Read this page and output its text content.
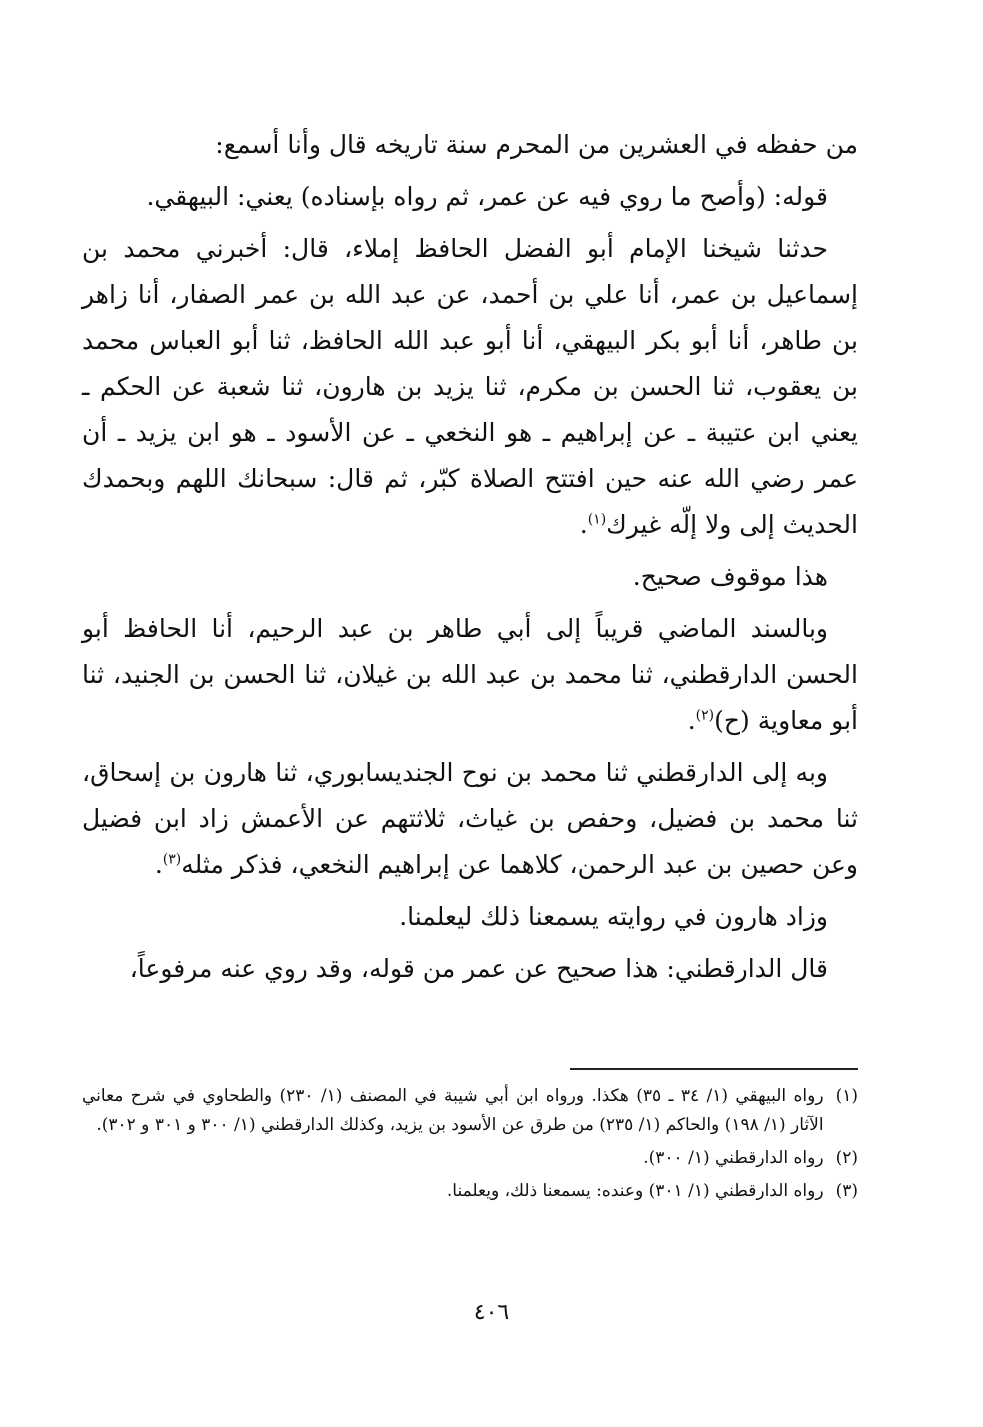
من حفظه في العشرين من المحرم سنة تاريخه قال وأنا أسمع:

قوله: (وأصح ما روي فيه عن عمر، ثم رواه بإسناده) يعني: البيهقي.

حدثنا شيخنا الإمام أبو الفضل الحافظ إملاء، قال: أخبرني محمد بن إسماعيل بن عمر، أنا علي بن أحمد، عن عبد الله بن عمر الصفار، أنا زاهر بن طاهر، أنا أبو بكر البيهقي، أنا أبو عبد الله الحافظ، ثنا أبو العباس محمد بن يعقوب، ثنا الحسن بن مكرم، ثنا يزيد بن هارون، ثنا شعبة عن الحكم ـ يعني ابن عتيبة ـ عن إبراهيم ـ هو النخعي ـ عن الأسود ـ هو ابن يزيد ـ أن عمر رضي الله عنه حين افتتح الصلاة كبّر، ثم قال: سبحانك اللهم وبحمدك الحديث إلى ولا إلّه غيرك$^{(١)}$.

هذا موقوف صحيح.

وبالسند الماضي قريباً إلى أبي طاهر بن عبد الرحيم، أنا الحافظ أبو الحسن الدارقطني، ثنا محمد بن عبد الله بن غيلان، ثنا الحسن بن الجنيد، ثنا أبو معاوية (ح)$^{(٢)}$.

وبه إلى الدارقطني ثنا محمد بن نوح الجنديسابوري، ثنا هارون بن إسحاق، ثنا محمد بن فضيل، وحفص بن غياث، ثلاثتهم عن الأعمش زاد ابن فضيل وعن حصين بن عبد الرحمن، كلاهما عن إبراهيم النخعي، فذكر مثله$^{(٣)}$.

وزاد هارون في روايته يسمعنا ذلك ليعلمنا.

قال الدارقطني: هذا صحيح عن عمر من قوله، وقد روي عنه مرفوعاً،

(١)
رواه البيهقي (١/ ٣٤ ـ ٣٥) هكذا. ورواه ابن أبي شيبة في المصنف (١/ ٢٣٠) والطحاوي في شرح معاني الآثار (١/ ١٩٨) والحاكم (١/ ٢٣٥) من طرق عن الأسود بن يزيد، وكذلك الدارقطني (١/ ٣٠٠ و ٣٠١ و ٣٠٢).
(٢)
رواه الدارقطني (١/ ٣٠٠).
(٣)
رواه الدارقطني (١/ ٣٠١) وعنده: يسمعنا ذلك، ويعلمنا.
٤٠٦
